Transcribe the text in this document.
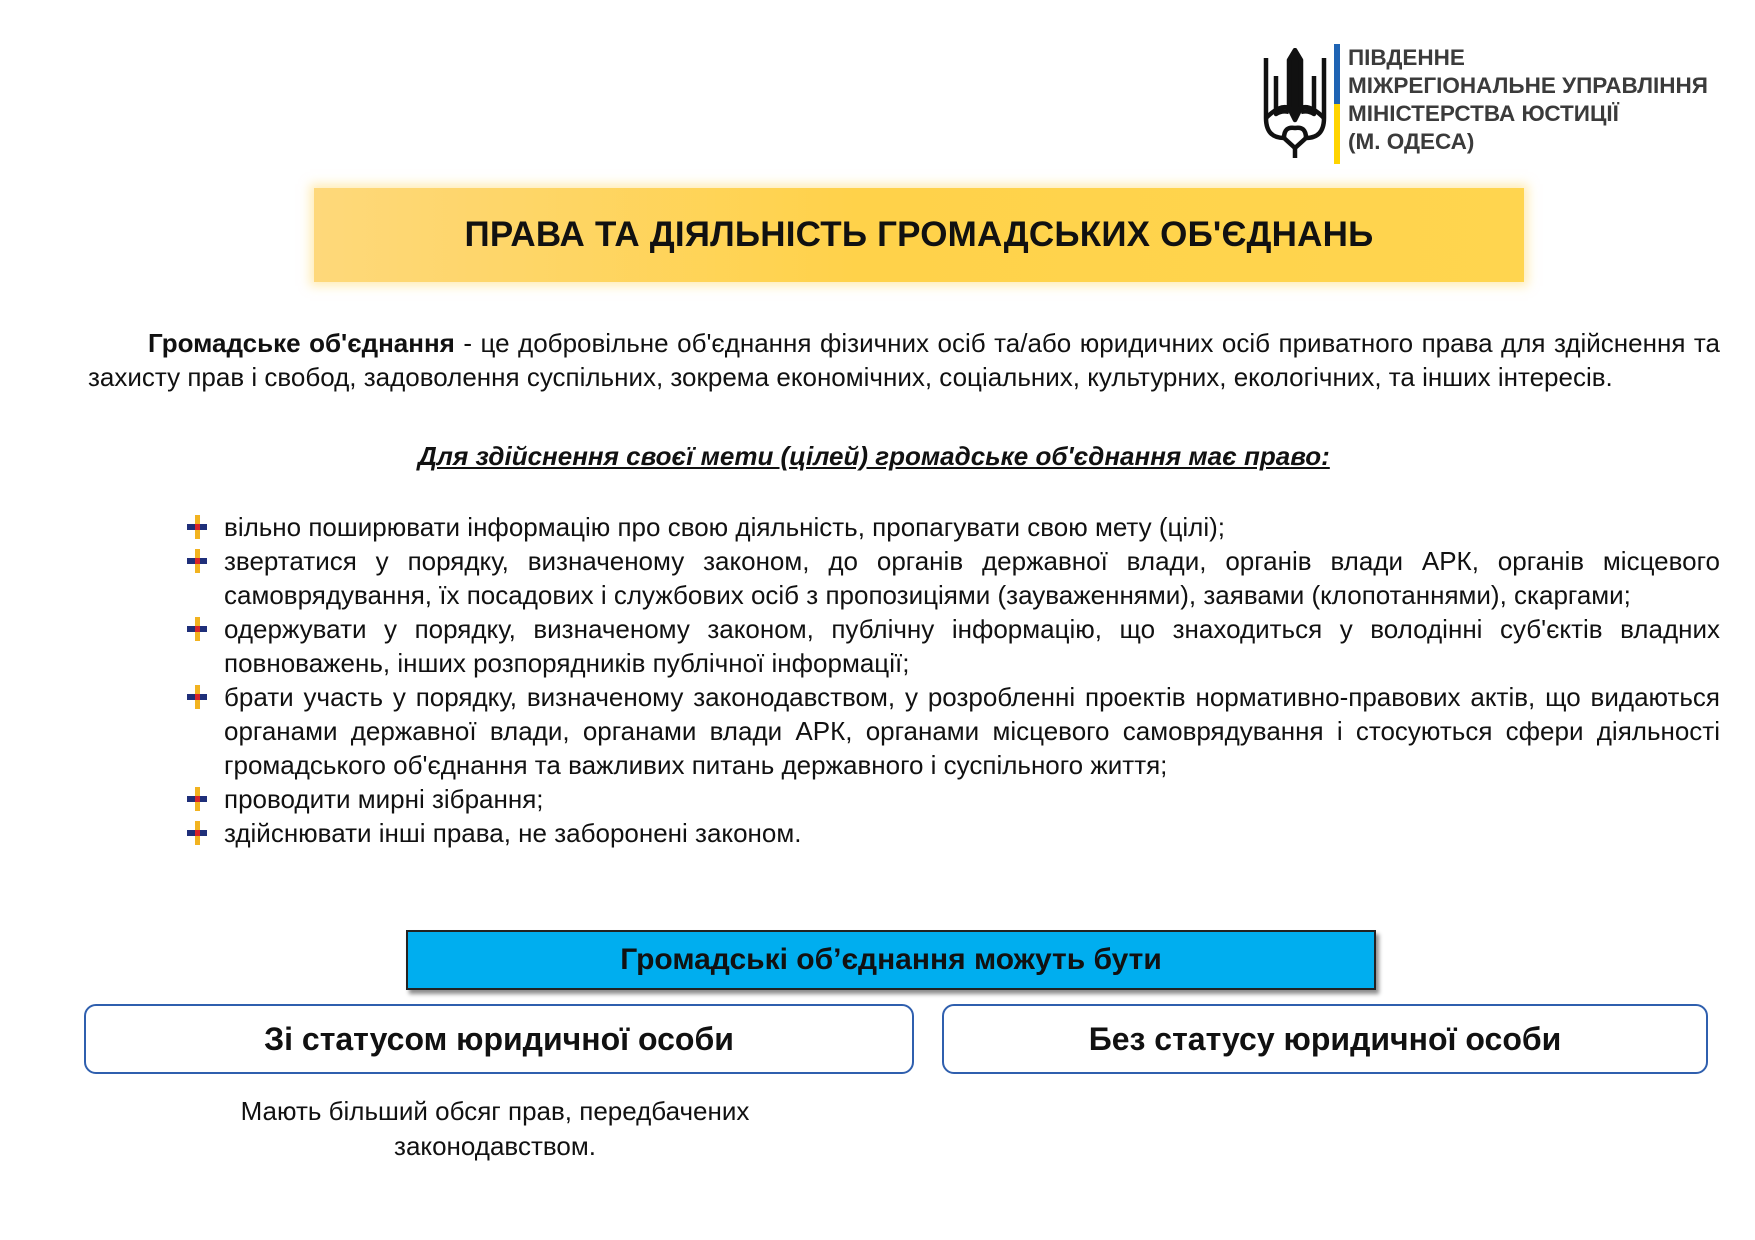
ПІВДЕННЕ
МІЖРЕГІОНАЛЬНЕ УПРАВЛІННЯ
МІНІСТЕРСТВА ЮСТИЦІЇ
(М. ОДЕСА)
ПРАВА ТА ДІЯЛЬНІСТЬ ГРОМАДСЬКИХ ОБ'ЄДНАНЬ

Громадське об'єднання - це добровільне об'єднання фізичних осіб та/або юридичних осіб приватного права для здійснення та захисту прав і свобод, задоволення суспільних, зокрема економічних, соціальних, культурних, екологічних, та інших інтересів.

Для здійснення своєї мети (цілей) громадське об'єднання має право:
вільно поширювати інформацію про свою діяльність, пропагувати свою мету (цілі);
звертатися у порядку, визначеному законом, до органів державної влади, органів влади АРК, органів місцевого самоврядування, їх посадових і службових осіб з пропозиціями (зауваженнями), заявами (клопотаннями), скаргами;
одержувати у порядку, визначеному законом, публічну інформацію, що знаходиться у володінні суб'єктів владних повноважень, інших розпорядників публічної інформації;
брати участь у порядку, визначеному законодавством, у розробленні проектів нормативно-правових актів, що видаються органами державної влади, органами влади АРК, органами місцевого самоврядування і стосуються сфери діяльності громадського об'єднання та важливих питань державного і суспільного життя;
проводити мирні зібрання;
здійснювати інші права, не заборонені законом.
Громадські об’єднання можуть бути
Зі статусом юридичної особи	Без статусу юридичної особи
Мають більший обсяг прав, передбачених законодавством.
